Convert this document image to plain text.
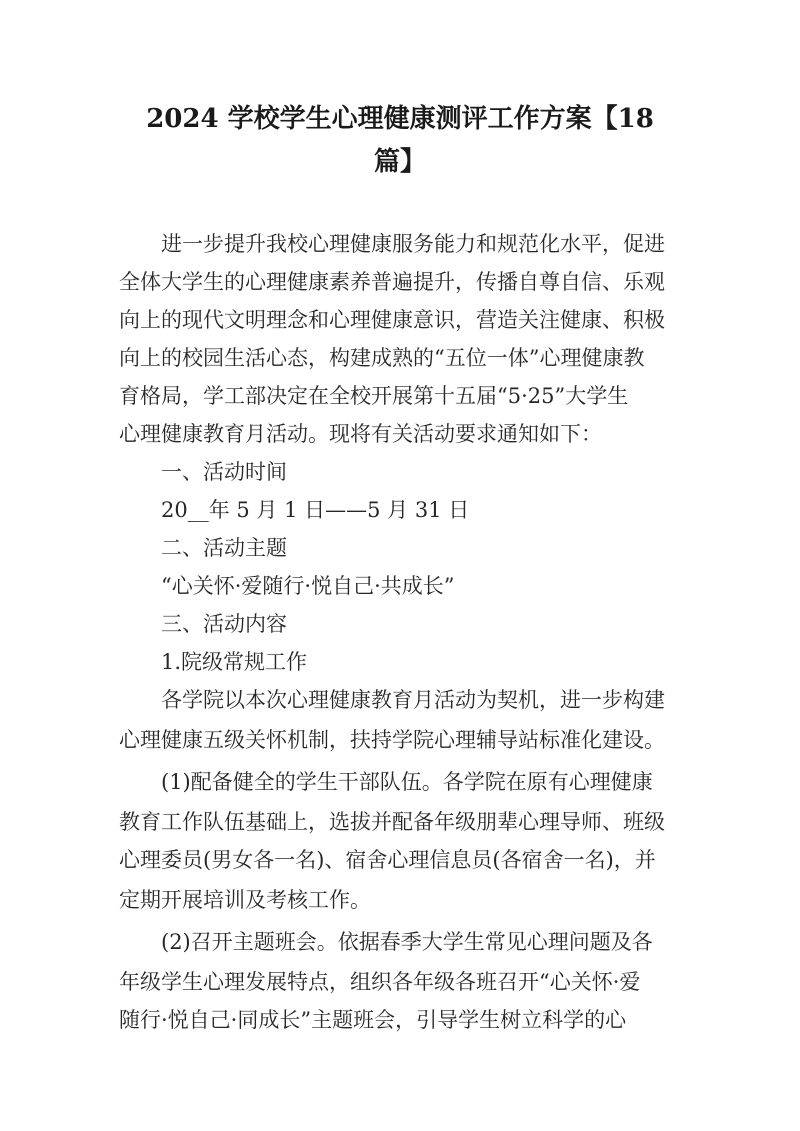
2024 学校学生心理健康测评工作方案【18
篇】

进一步提升我校心理健康服务能力和规范化水平，促进

全体大学生的心理健康素养普遍提升，传播自尊自信、乐观

向上的现代文明理念和心理健康意识，营造关注健康、积极

向上的校园生活心态，构建成熟的“五位一体”心理健康教

育格局，学工部决定在全校开展第十五届“5·25”大学生

心理健康教育月活动。现将有关活动要求通知如下：

一、活动时间

20__年 5 月 1 日——5 月 31 日

二、活动主题

“心关怀·爱随行·悦自己·共成长”

三、活动内容

1.院级常规工作

各学院以本次心理健康教育月活动为契机，进一步构建

心理健康五级关怀机制，扶持学院心理辅导站标准化建设。

(1)配备健全的学生干部队伍。各学院在原有心理健康

教育工作队伍基础上，选拔并配备年级朋辈心理导师、班级

心理委员(男女各一名)、宿舍心理信息员(各宿舍一名)，并

定期开展培训及考核工作。

(2)召开主题班会。依据春季大学生常见心理问题及各

年级学生心理发展特点，组织各年级各班召开“心关怀·爱

随行·悦自己·同成长”主题班会，引导学生树立科学的心
